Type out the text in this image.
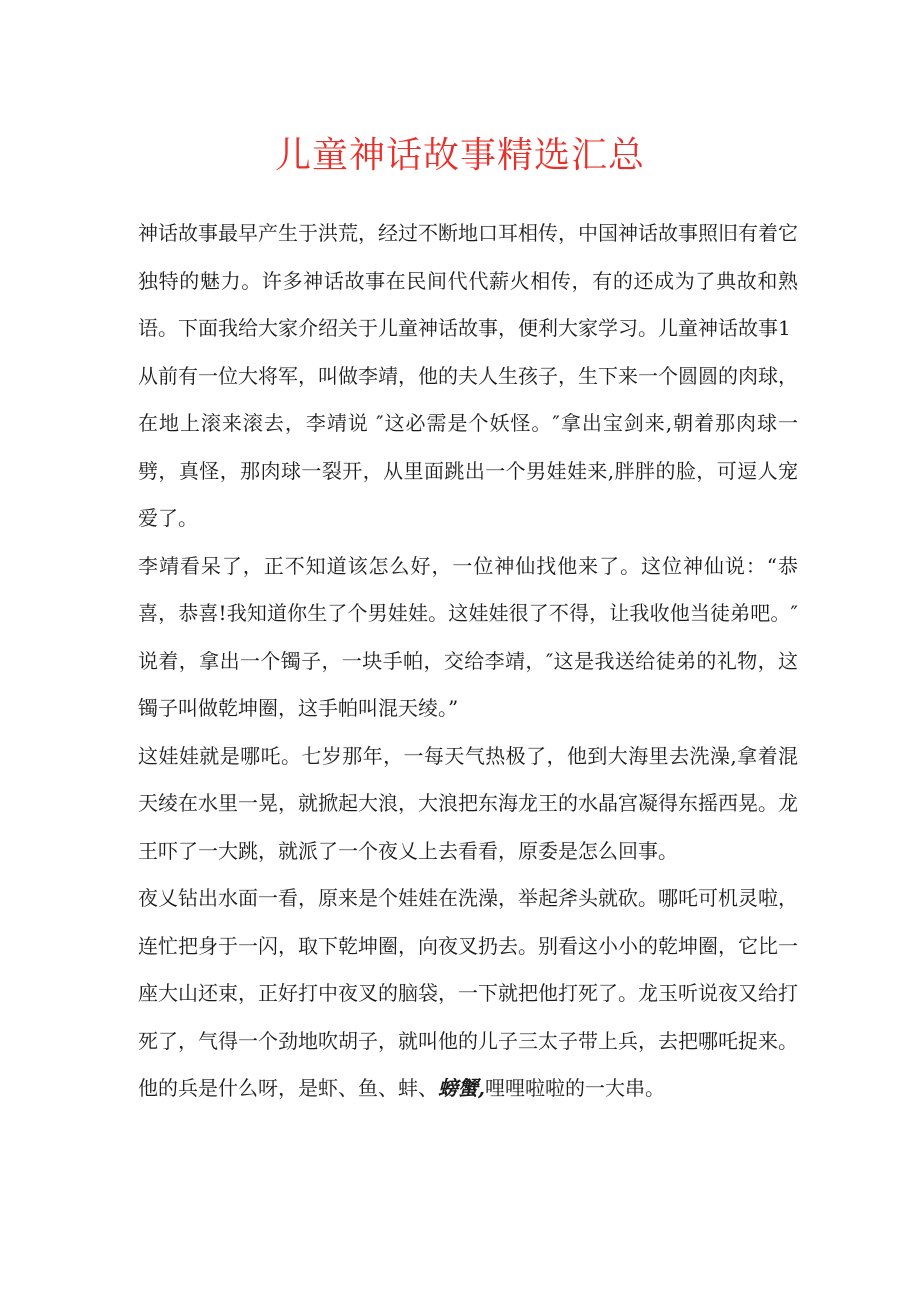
儿童神话故事精选汇总

神话故事最早产生于洪荒，经过不断地口耳相传，中国神话故事照旧有着它独特的魅力。许多神话故事在民间代代薪火相传，有的还成为了典故和熟语。下面我给大家介绍关于儿童神话故事，便利大家学习。儿童神话故事1

从前有一位大将军，叫做李靖，他的夫人生孩子，生下来一个圆圆的肉球，在地上滚来滚去，李靖说 ″这必需是个妖怪。″拿出宝剑来,朝着那肉球一劈，真怪，那肉球一裂开，从里面跳出一个男娃娃来,胖胖的脸，可逗人宠爱了。

李靖看呆了，正不知道该怎么好，一位神仙找他来了。这位神仙说：“恭喜，恭喜!我知道你生了个男娃娃。这娃娃很了不得，让我收他当徒弟吧。″说着，拿出一个镯子，一块手帕，交给李靖，″这是我送给徒弟的礼物，这镯子叫做乾坤圈，这手帕叫混天绫。”

这娃娃就是哪吒。七岁那年，一每天气热极了，他到大海里去洗澡,拿着混天绫在水里一晃，就掀起大浪，大浪把东海龙王的水晶宫凝得东摇西晃。龙王吓了一大跳，就派了一个夜乂上去看看，原委是怎么回事。

夜乂钻出水面一看，原来是个娃娃在洗澡，举起斧头就砍。哪吒可机灵啦，连忙把身于一闪，取下乾坤圈，向夜叉扔去。别看这小小的乾坤圈，它比一座大山还束，正好打中夜叉的脑袋，一下就把他打死了。龙玉听说夜又给打死了，气得一个劲地吹胡子，就叫他的儿子三太子带上兵，去把哪吒捉来。他的兵是什么呀，是虾、鱼、蚌、螃蟹,哩哩啦啦的一大串。
